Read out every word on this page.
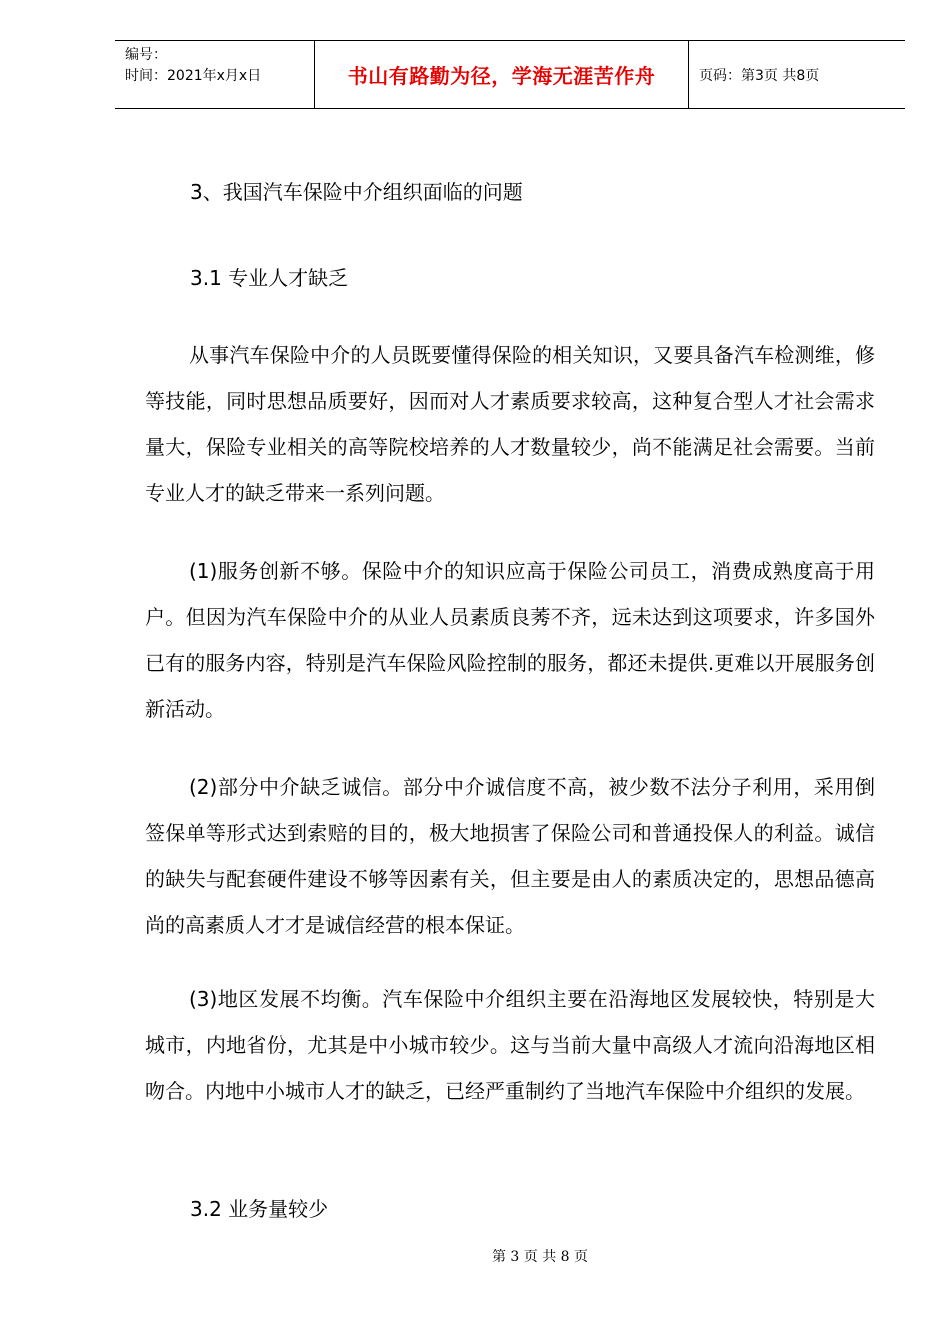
编号：
时间：2021年x月x日	书山有路勤为径，学海无涯苦作舟	页码：第3页 共8页
3、我国汽车保险中介组织面临的问题
3.1 专业人才缺乏

从事汽车保险中介的人员既要懂得保险的相关知识，又要具备汽车检测维，修等技能，同时思想品质要好，因而对人才素质要求较高，这种复合型人才社会需求量大，保险专业相关的高等院校培养的人才数量较少，尚不能满足社会需要。当前专业人才的缺乏带来一系列问题。

(1)服务创新不够。保险中介的知识应高于保险公司员工，消费成熟度高于用户。但因为汽车保险中介的从业人员素质良莠不齐，远未达到这项要求，许多国外已有的服务内容，特别是汽车保险风险控制的服务，都还未提供.更难以开展服务创新活动。

(2)部分中介缺乏诚信。部分中介诚信度不高，被少数不法分子利用，采用倒签保单等形式达到索赔的目的，极大地损害了保险公司和普通投保人的利益。诚信的缺失与配套硬件建设不够等因素有关，但主要是由人的素质决定的，思想品德高尚的高素质人才才是诚信经营的根本保证。

(3)地区发展不均衡。汽车保险中介组织主要在沿海地区发展较快，特别是大城市，内地省份，尤其是中小城市较少。这与当前大量中高级人才流向沿海地区相吻合。内地中小城市人才的缺乏，已经严重制约了当地汽车保险中介组织的发展。

3.2 业务量较少
第 3 页 共 8 页
